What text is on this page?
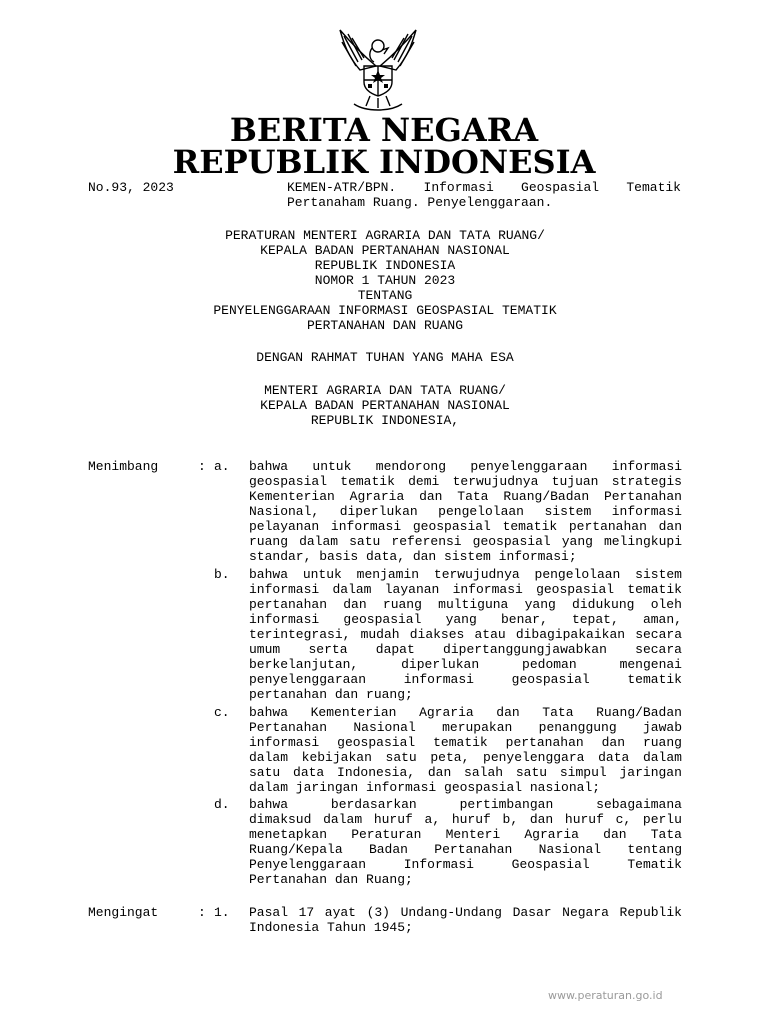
BERITA NEGARA
REPUBLIK INDONESIA
No.93, 2023	KEMEN-ATR/BPN. Informasi Geospasial Tematik
Pertanaham Ruang. Penyelenggaraan.
PERATURAN MENTERI AGRARIA DAN TATA RUANG/
KEPALA BADAN PERTANAHAN NASIONAL
REPUBLIK INDONESIA
NOMOR 1 TAHUN 2023
TENTANG
PENYELENGGARAAN INFORMASI GEOSPASIAL TEMATIK
PERTANAHAN DAN RUANG
DENGAN RAHMAT TUHAN YANG MAHA ESA
MENTERI AGRARIA DAN TATA RUANG/
KEPALA BADAN PERTANAHAN NASIONAL
REPUBLIK INDONESIA,
Menimbang	: a. bahwa untuk mendorong penyelenggaraan informasi
geospasial tematik demi terwujudnya tujuan strategis
Kementerian Agraria dan Tata Ruang/Badan Pertanahan
Nasional, diperlukan pengelolaan sistem informasi
pelayanan informasi geospasial tematik pertanahan dan
ruang dalam satu referensi geospasial yang melingkupi
standar, basis data, dan sistem informasi;
b. bahwa untuk menjamin terwujudnya pengelolaan sistem
informasi dalam layanan informasi geospasial tematik
pertanahan dan ruang multiguna yang didukung oleh
informasi geospasial yang benar, tepat, aman,
terintegrasi, mudah diakses atau dibagipakaikan secara
umum serta dapat dipertanggungjawabkan secara
berkelanjutan,	diperlukan	pedoman	mengenai
penyelenggaraan	informasi	geospasial	tematik
pertanahan dan ruang;
c. bahwa Kementerian Agraria dan Tata Ruang/Badan
Pertanahan Nasional merupakan penanggung jawab
informasi geospasial tematik pertanahan dan ruang
dalam kebijakan satu peta, penyelenggara data dalam
satu data Indonesia, dan salah satu simpul jaringan
dalam jaringan informasi geospasial nasional;
d. bahwa	berdasarkan	pertimbangan	sebagaimana
dimaksud dalam huruf a, huruf b, dan huruf c, perlu
menetapkan Peraturan Menteri Agraria dan Tata
Ruang/Kepala Badan Pertanahan Nasional tentang
Penyelenggaraan	Informasi	Geospasial	Tematik
Pertanahan dan Ruang;
Mengingat	: 1. Pasal 17 ayat (3) Undang-Undang Dasar Negara Republik
Indonesia Tahun 1945;
www.peraturan.go.id
